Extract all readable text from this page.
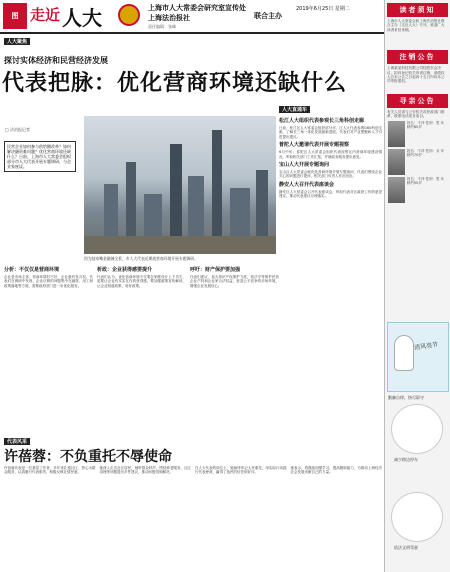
图 走近 人大	上海市人大常委会研究室宣传处
上海法治报社
责任编辑：张峰
联合主办
2019年6月25日 星期二	读者须知
上海市人大常委会和上海法治报社联合主办《走近人大》专刊，欢迎广大读者来信来稿。
注销公告
上海某某科技有限公司经股东会决议，拟向登记机关申请注销，请债权人自本公告之日起四十五日内向本公司申报债权。
寻亲公告
有关人员请与公安机关或民政部门联系，联系电话见各条目。
姓名：不详 性别：男 年龄约60岁
姓名：不详 性别：女 年龄约70岁
姓名：不详 性别：男 年龄约50岁
清风亮节
勤廉自律，恪尽职守
减少路边停车
依法文明驾驶
人大聚焦
探讨实体经济和民营经济发展
代表把脉：优化营商环境还缺什么
□ 法治报记者
民营企业如何参与供给侧改革？如何解决融资难问题？优化营商环境还缺什么？日前，上海市人大常委会组织部分市人大代表开展专题调研，与企业家座谈。
图为陆家嘴金融城全景，市人大代表近期就营商环境开展专题调研。
人大直通车
松江人大组织代表参观长三角科创走廊
日前，松江区人大常委会组织部分市、区人大代表参观G60科创走廊，了解长三角一体化发展最新进展，代表们对产业集聚和人才引进提出建议。
普陀人大邀请代表开展专题视察
6月中旬，普陀区人大常委会组织代表视察区内营商环境建设情况，听取相关部门工作汇报，并就政务服务提出意见。
宝山人大开展专题询问
宝山区人大常委会就优化营商环境开展专题询问，代表们围绕企业关心的问题进行提问，相关部门负责人作出回应。
静安人大召开代表座谈会
静安区人大常委会召开代表座谈会，听取代表对区政府工作的意见建议，推动代表建议办理落实。
分析：不仅仅是营商环境
企业是市场主体，营商环境好不好，企业最有发言权。代表们在调研中发现，企业反映的问题集中在融资、用工和政策落地等方面，需要政府部门进一步优化服务。
析政：企业获得感要提升
代表们认为，优化营商环境不仅要在制度设计上下功夫，更要让企业有实实在在的获得感。要加强政策宣传解读，让企业知道政策、用好政策。
呼吁：财产保护要加强
代表们建议，加大知识产权保护力度，依法平等保护民营企业产权和企业家合法权益，营造公平竞争的市场环境，增强企业发展信心。
代表风采
许蓓蓉：不负重托不辱使命
许蓓蓉代表是一位基层工作者，多年来扎根社区，热心为群众服务，认真履行代表职责，积极反映社情民意。
她深入走访社区居民，倾听群众呼声，围绕养老服务、社区治理等问题提出多件建议，推动问题得到解决。
在人大代表的岗位上，她始终牢记人民重托，用实际行动践行代表使命，赢得了选民的信任和好评。
她表示，将继续加强学习，提高履职能力，为推动上海经济社会发展贡献自己的力量。
